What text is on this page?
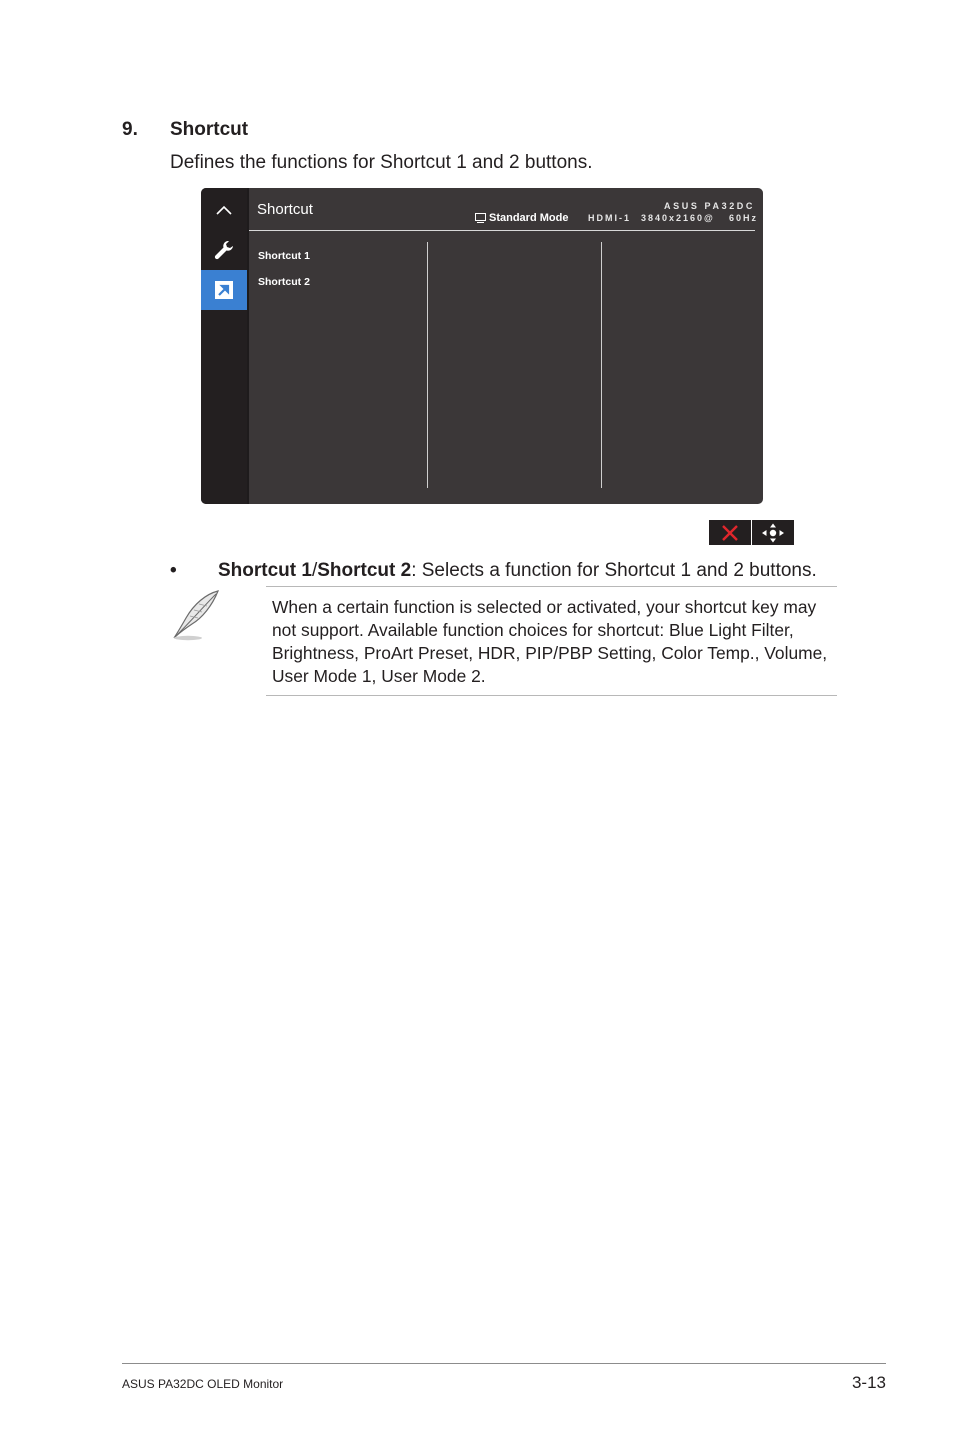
9. Shortcut
Defines the functions for Shortcut 1 and 2 buttons.
Shortcut	ASUS PA32DC
Standard Mode HDMI-1 3840x2160@ 60Hz
Shortcut 1
Shortcut 2
• Shortcut 1/Shortcut 2: Selects a function for Shortcut 1 and 2 buttons.
When a certain function is selected or activated, your shortcut key may not support. Available function choices for shortcut: Blue Light Filter, Brightness, ProArt Preset, HDR, PIP/PBP Setting, Color Temp., Volume, User Mode 1, User Mode 2.
ASUS PA32DC OLED Monitor	3-13
